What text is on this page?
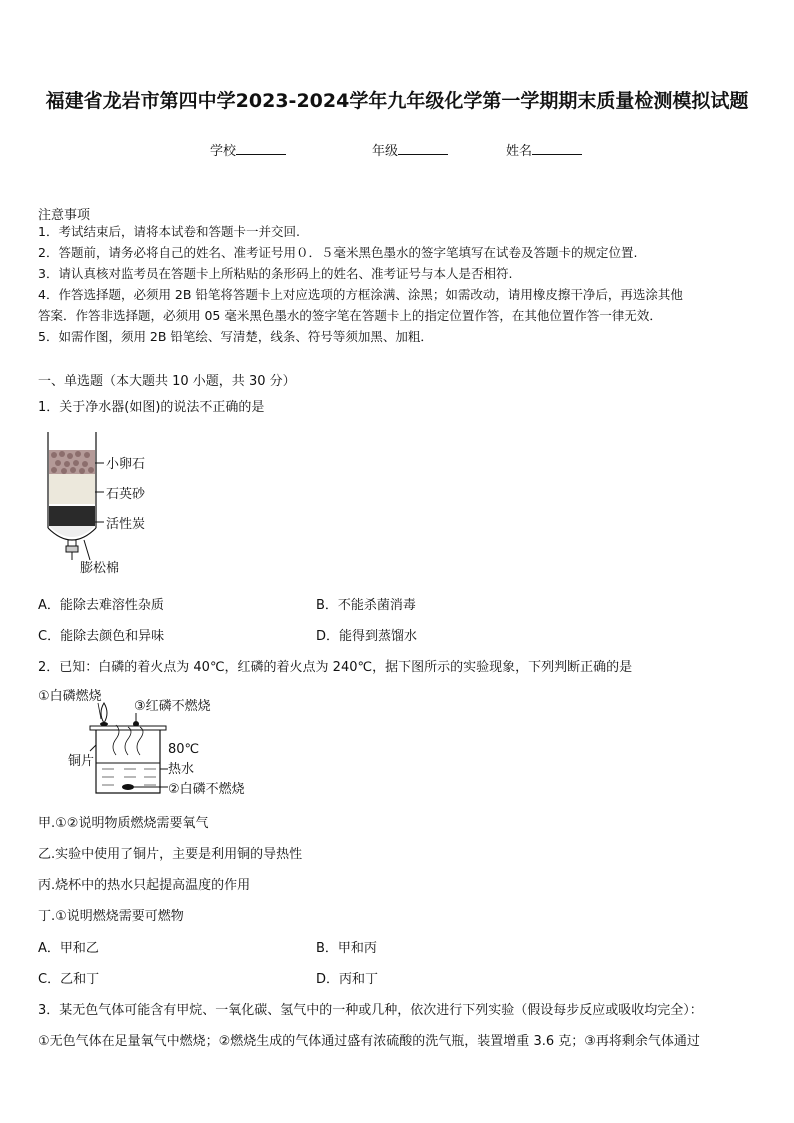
福建省龙岩市第四中学2023-2024学年九年级化学第一学期期末质量检测模拟试题
学校	年级	姓名
注意事项
1．考试结束后，请将本试卷和答题卡一并交回.
2．答题前，请务必将自己的姓名、准考证号用０．５毫米黑色墨水的签字笔填写在试卷及答题卡的规定位置.
3．请认真核对监考员在答题卡上所粘贴的条形码上的姓名、准考证号与本人是否相符.
4．作答选择题，必须用 2B 铅笔将答题卡上对应选项的方框涂满、涂黑；如需改动，请用橡皮擦干净后，再选涂其他
答案．作答非选择题，必须用 05 毫米黑色墨水的签字笔在答题卡上的指定位置作答，在其他位置作答一律无效．
5．如需作图，须用 2B 铅笔绘、写清楚，线条、符号等须加黑、加粗．
一、单选题（本大题共 10 小题，共 30 分）
1．关于净水器(如图)的说法不正确的是
小卵石
石英砂
活性炭
膨松棉
A．能除去难溶性杂质	B．不能杀菌消毒
C．能除去颜色和异味	D．能得到蒸馏水
2．已知：白磷的着火点为 40℃，红磷的着火点为 240℃，据下图所示的实验现象，下列判断正确的是
①白磷燃烧
③红磷不燃烧
80℃
铜片
热水
②白磷不燃烧
甲.①②说明物质燃烧需要氧气
乙.实验中使用了铜片，主要是利用铜的导热性
丙.烧杯中的热水只起提高温度的作用
丁.①说明燃烧需要可燃物
A．甲和乙	B．甲和丙
C．乙和丁	D．丙和丁
3．某无色气体可能含有甲烷、一氧化碳、氢气中的一种或几种，依次进行下列实验（假设每步反应或吸收均完全）：
①无色气体在足量氧气中燃烧；②燃烧生成的气体通过盛有浓硫酸的洗气瓶，装置增重 3.6 克；③再将剩余气体通过
